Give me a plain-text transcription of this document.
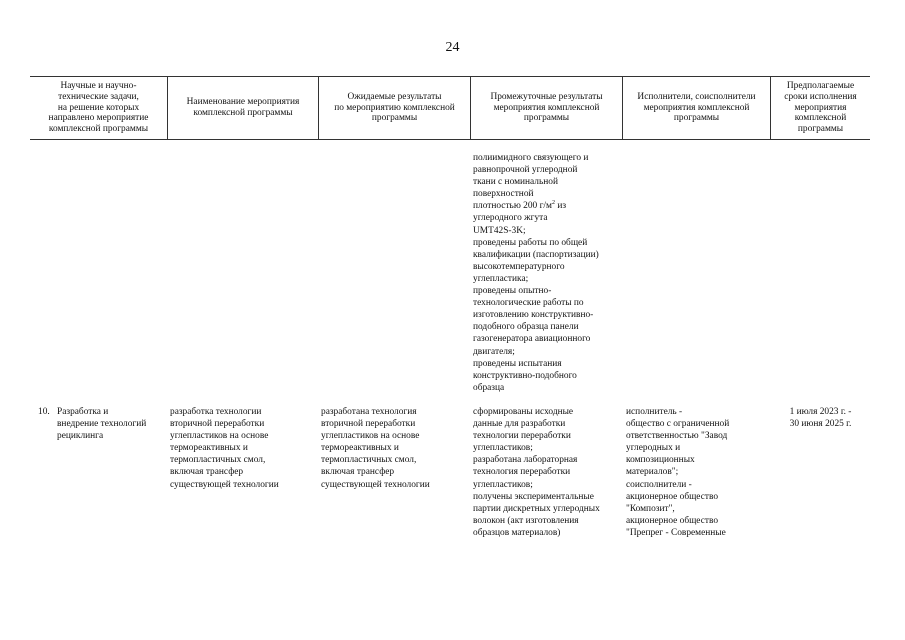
24
Научные и научно-
технические задачи,
на решение которых
направлено мероприятие
комплексной программы
Наименование мероприятия
комплексной программы
Ожидаемые результаты
по мероприятию комплексной
программы
Промежуточные результаты
мероприятия комплексной
программы
Исполнители, соисполнители
мероприятия комплексной
программы
Предполагаемые
сроки исполнения
мероприятия
комплексной
программы
полиимидного связующего и
равнопрочной углеродной
ткани с номинальной
поверхностной
плотностью 200 $г/м^2$ из
углеродного жгута
UMT42S-3K;
проведены работы по общей
квалификации (паспортизации)
высокотемпературного
углепластика;
проведены опытно-
технологические работы по
изготовлению конструктивно-
подобного образца панели
газогенератора авиационного
двигателя;
проведены испытания
конструктивно-подобного
образца
10. Разработка и
внедрение технологий
рециклинга
разработка технологии
вторичной переработки
углепластиков на основе
термореактивных и
термопластичных смол,
включая трансфер
существующей технологии
разработана технология
вторичной переработки
углепластиков на основе
термореактивных и
термопластичных смол,
включая трансфер
существующей технологии
сформированы исходные
данные для разработки
технологии переработки
углепластиков;
разработана лабораторная
технология переработки
углепластиков;
получены экспериментальные
партии дискретных углеродных
волокон (акт изготовления
образцов материалов)
исполнитель -
общество с ограниченной
ответственностью "Завод
углеродных и
композиционных
материалов";
соисполнители -
акционерное общество
"Композит",
акционерное общество
"Препрег - Современные
1 июля 2023 г. -
30 июня 2025 г.
